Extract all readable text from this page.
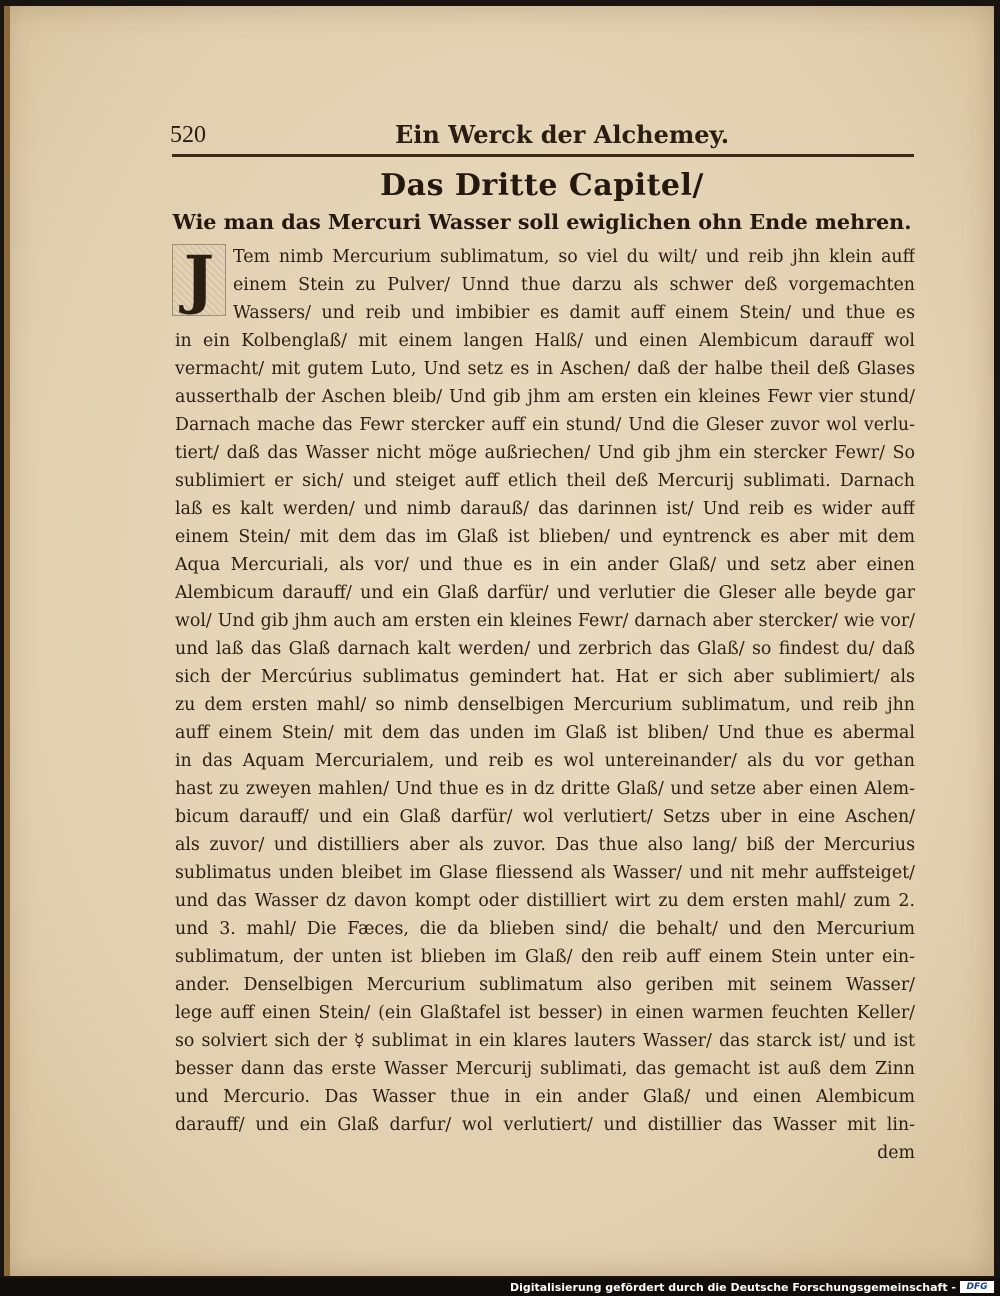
520	Ein Werck der Alchemey.
Das Dritte Capitel/
Wie man das Mercuri Wasser soll ewiglichen ohn Ende mehren.
J	Tem nimb Mercurium sublimatum, so viel du wilt/ und reib jhn klein auff
einem Stein zu Pulver/ Unnd thue darzu als schwer deß vorgemachten
Wassers/ und reib und imbibier es damit auff einem Stein/ und thue es
in ein Kolbenglaß/ mit einem langen Halß/ und einen Alembicum darauff wol
vermacht/ mit gutem Luto, Und setz es in Aschen/ daß der halbe theil deß Glases
ausserthalb der Aschen bleib/ Und gib jhm am ersten ein kleines Fewr vier stund/
Darnach mache das Fewr stercker auff ein stund/ Und die Gleser zuvor wol verlu-
tiert/ daß das Wasser nicht möge außriechen/ Und gib jhm ein stercker Fewr/ So
sublimiert er sich/ und steiget auff etlich theil deß Mercurij sublimati. Darnach
laß es kalt werden/ und nimb darauß/ das darinnen ist/ Und reib es wider auff
einem Stein/ mit dem das im Glaß ist blieben/ und eyntrenck es aber mit dem
Aqua Mercuriali, als vor/ und thue es in ein ander Glaß/ und setz aber einen
Alembicum darauff/ und ein Glaß darfür/ und verlutier die Gleser alle beyde gar
wol/ Und gib jhm auch am ersten ein kleines Fewr/ darnach aber stercker/ wie vor/
und laß das Glaß darnach kalt werden/ und zerbrich das Glaß/ so findest du/ daß
sich der Mercúrius sublimatus gemindert hat. Hat er sich aber sublimiert/ als
zu dem ersten mahl/ so nimb denselbigen Mercurium sublimatum, und reib jhn
auff einem Stein/ mit dem das unden im Glaß ist bliben/ Und thue es abermal
in das Aquam Mercurialem, und reib es wol untereinander/ als du vor gethan
hast zu zweyen mahlen/ Und thue es in dz dritte Glaß/ und setze aber einen Alem-
bicum darauff/ und ein Glaß darfür/ wol verlutiert/ Setzs uber in eine Aschen/
als zuvor/ und distilliers aber als zuvor. Das thue also lang/ biß der Mercurius
sublimatus unden bleibet im Glase fliessend als Wasser/ und nit mehr auffsteiget/
und das Wasser dz davon kompt oder distilliert wirt zu dem ersten mahl/ zum 2.
und 3. mahl/ Die Fæces, die da blieben sind/ die behalt/ und den Mercurium
sublimatum, der unten ist blieben im Glaß/ den reib auff einem Stein unter ein-
ander. Denselbigen Mercurium sublimatum also geriben mit seinem Wasser/
lege auff einen Stein/ (ein Glaßtafel ist besser) in einen warmen feuchten Keller/
so solviert sich der ☿ sublimat in ein klares lauters Wasser/ das starck ist/ und ist
besser dann das erste Wasser Mercurij sublimati, das gemacht ist auß dem Zinn
und Mercurio. Das Wasser thue in ein ander Glaß/ und einen Alembicum
darauff/ und ein Glaß darfur/ wol verlutiert/ und distillier das Wasser mit lin-
dem
Digitalisierung gefördert durch die Deutsche Forschungsgemeinschaft -	DFG
